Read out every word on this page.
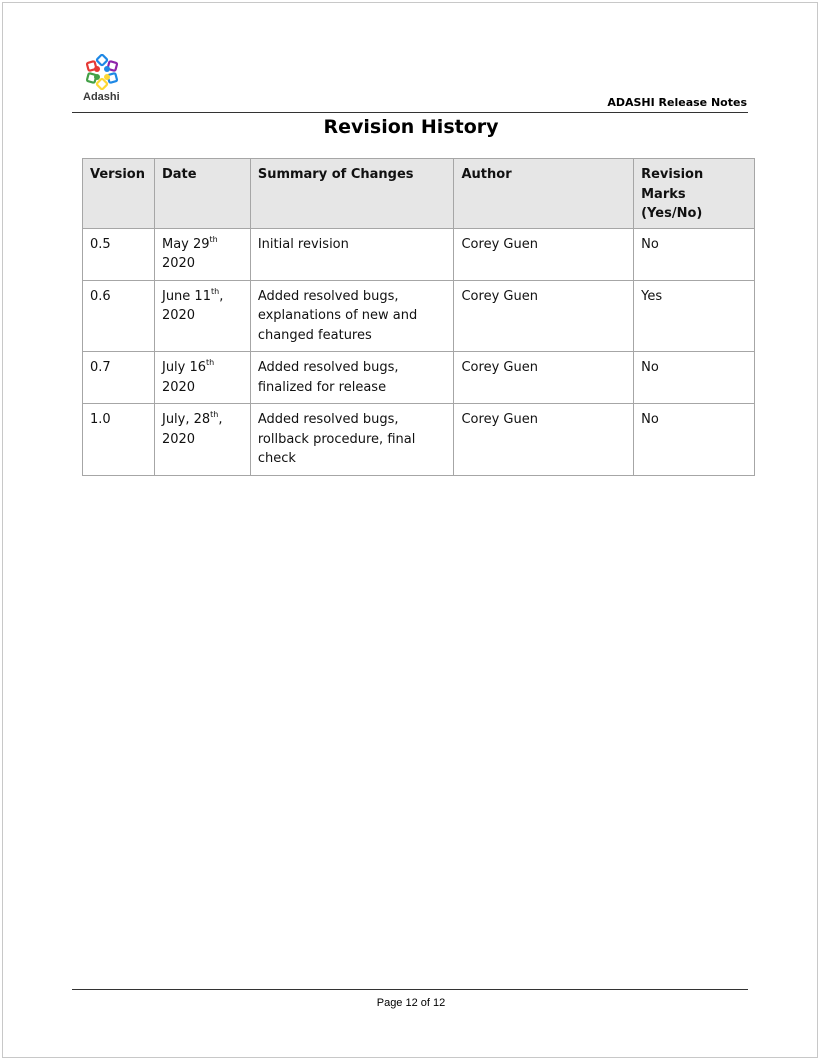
Adashi	ADASHI Release Notes
Revision History
Version	Date	Summary of Changes	Author	Revision Marks (Yes/No)
0.5	May 29th 2020	Initial revision	Corey Guen	No
0.6	June 11th, 2020	Added resolved bugs, explanations of new and changed features	Corey Guen	Yes
0.7	July 16th 2020	Added resolved bugs, finalized for release	Corey Guen	No
1.0	July, 28th, 2020	Added resolved bugs, rollback procedure, final check	Corey Guen	No
Page 12 of 12
